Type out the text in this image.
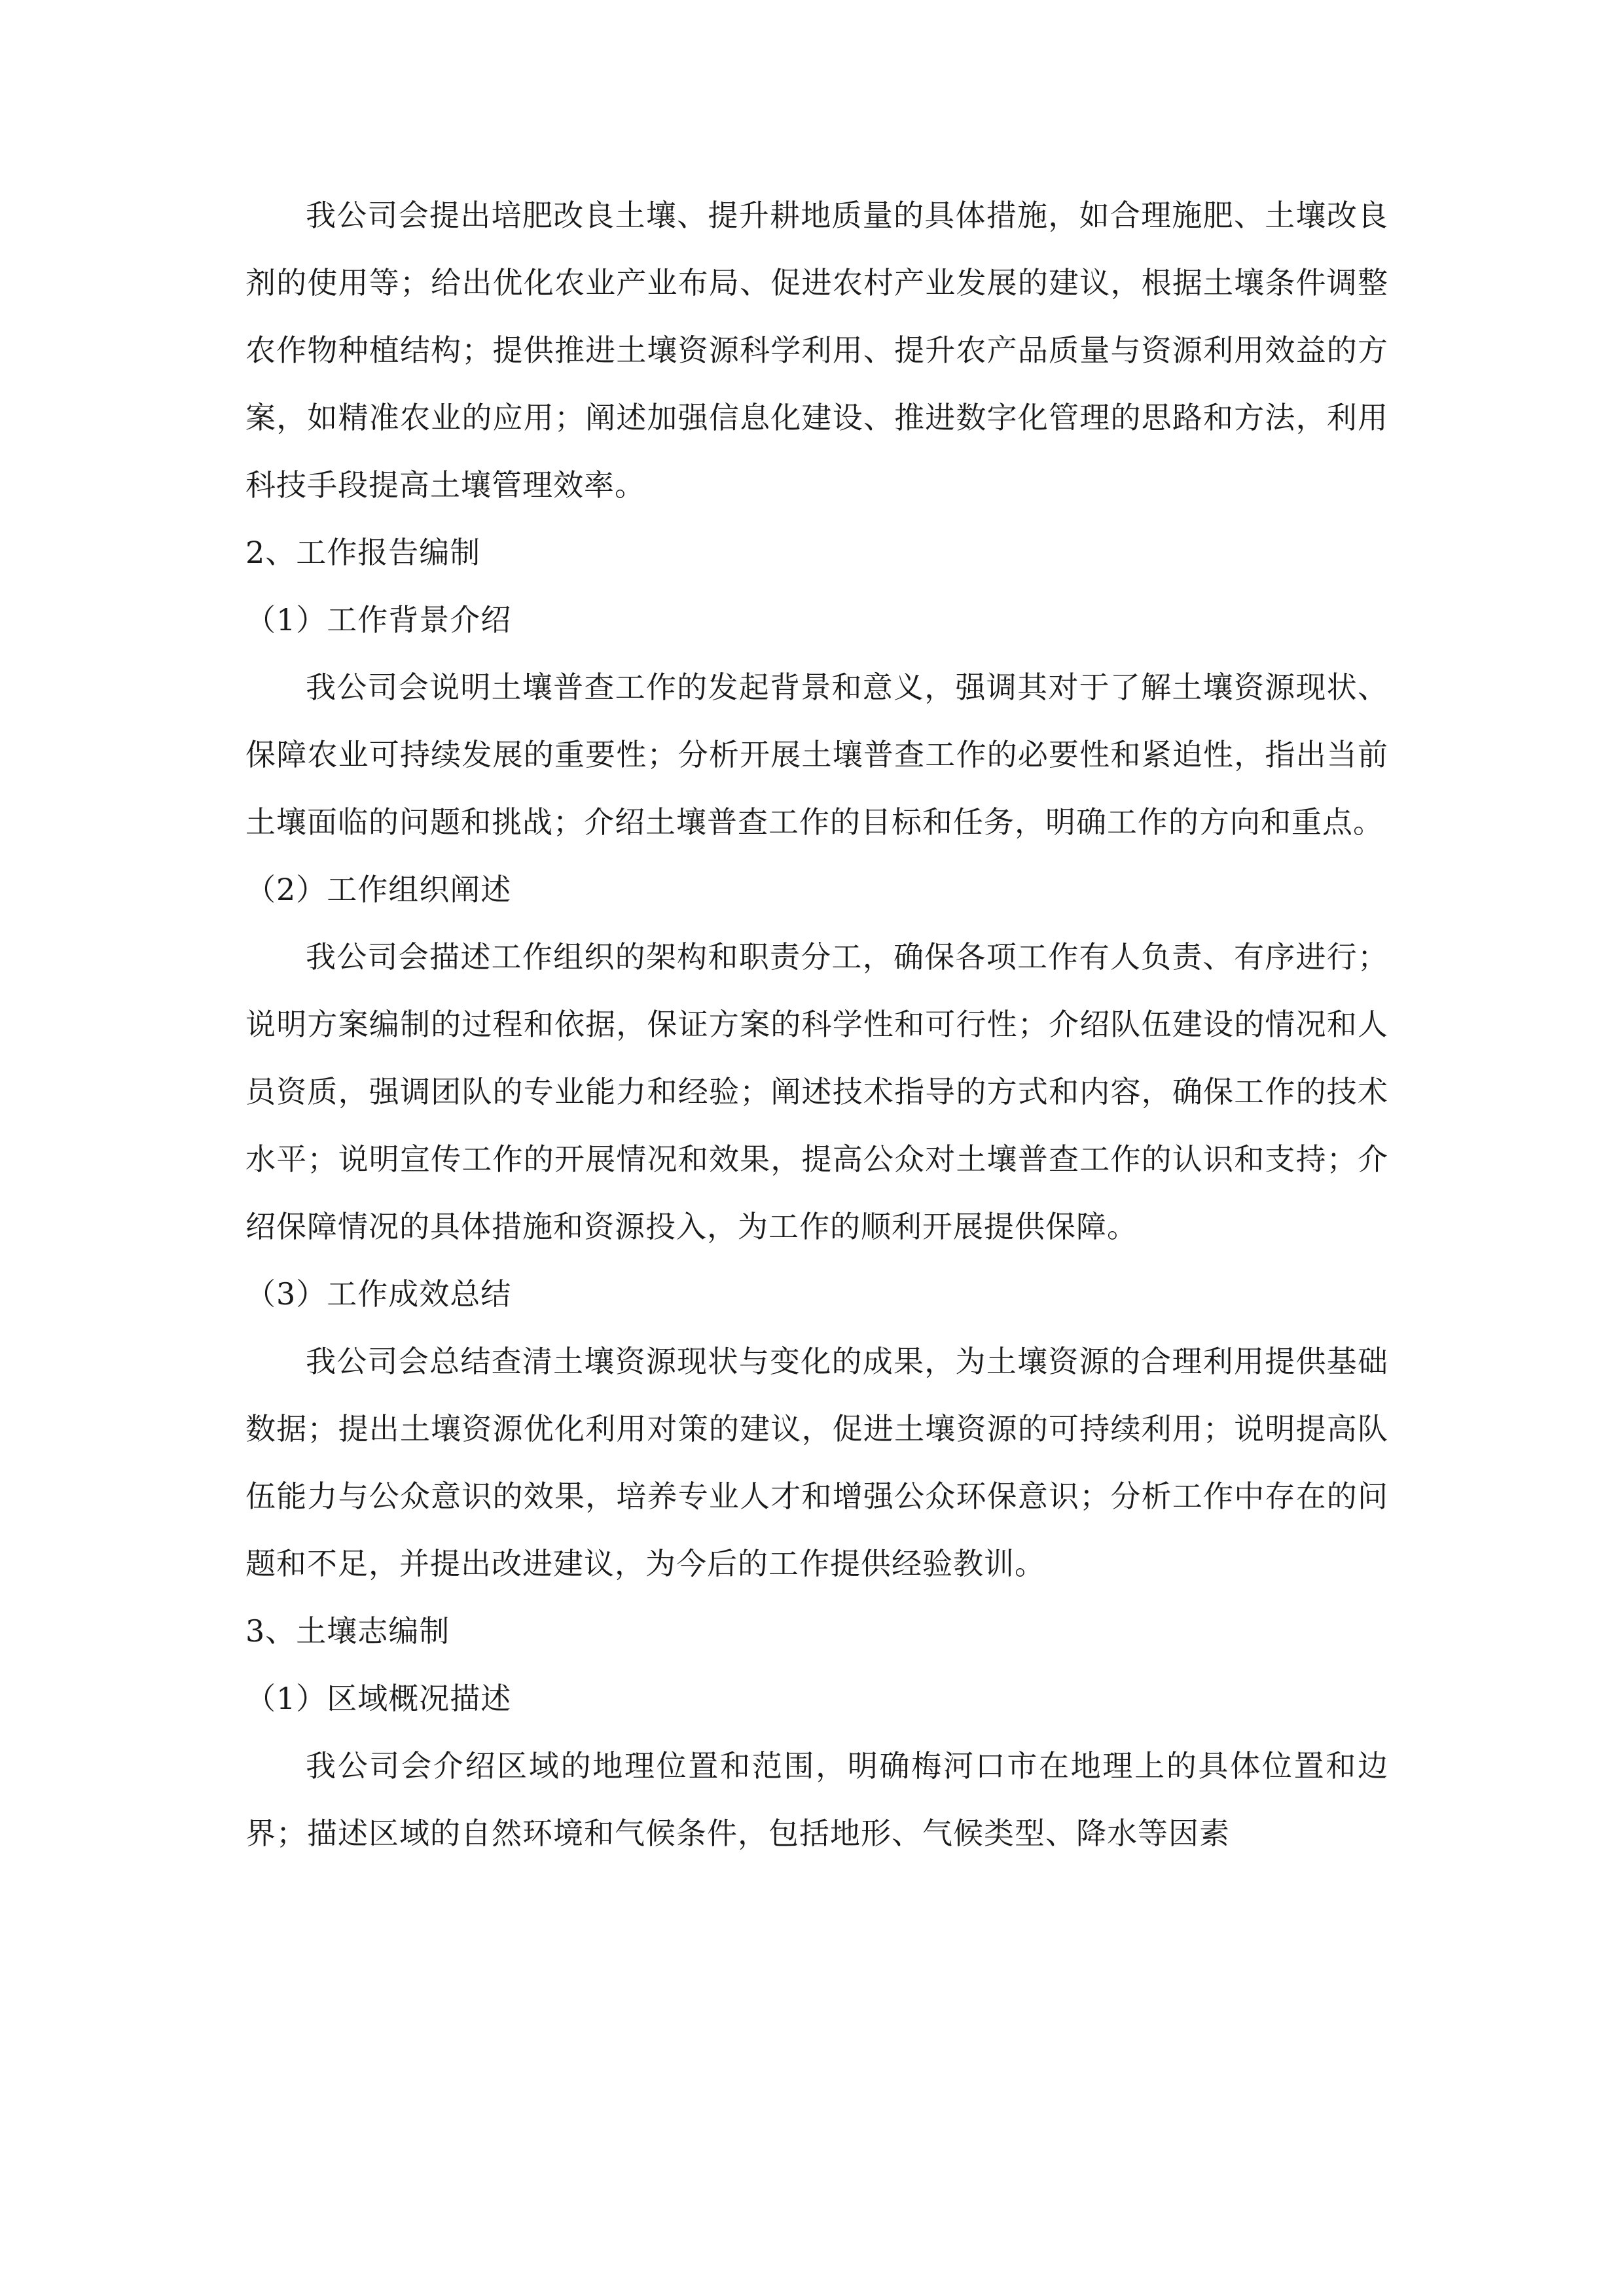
我公司会提出培肥改良土壤、提升耕地质量的具体措施，如合理施肥、土壤改良剂的使用等；给出优化农业产业布局、促进农村产业发展的建议，根据土壤条件调整农作物种植结构；提供推进土壤资源科学利用、提升农产品质量与资源利用效益的方案，如精准农业的应用；阐述加强信息化建设、推进数字化管理的思路和方法，利用科技手段提高土壤管理效率。

2、工作报告编制

（1）工作背景介绍

我公司会说明土壤普查工作的发起背景和意义，强调其对于了解土壤资源现状、保障农业可持续发展的重要性；分析开展土壤普查工作的必要性和紧迫性，指出当前土壤面临的问题和挑战；介绍土壤普查工作的目标和任务，明确工作的方向和重点。

（2）工作组织阐述

我公司会描述工作组织的架构和职责分工，确保各项工作有人负责、有序进行；说明方案编制的过程和依据，保证方案的科学性和可行性；介绍队伍建设的情况和人员资质，强调团队的专业能力和经验；阐述技术指导的方式和内容，确保工作的技术水平；说明宣传工作的开展情况和效果，提高公众对土壤普查工作的认识和支持；介绍保障情况的具体措施和资源投入，为工作的顺利开展提供保障。

（3）工作成效总结

我公司会总结查清土壤资源现状与变化的成果，为土壤资源的合理利用提供基础数据；提出土壤资源优化利用对策的建议，促进土壤资源的可持续利用；说明提高队伍能力与公众意识的效果，培养专业人才和增强公众环保意识；分析工作中存在的问题和不足，并提出改进建议，为今后的工作提供经验教训。

3、土壤志编制

（1）区域概况描述

我公司会介绍区域的地理位置和范围，明确梅河口市在地理上的具体位置和边界；描述区域的自然环境和气候条件，包括地形、气候类型、降水等因素
